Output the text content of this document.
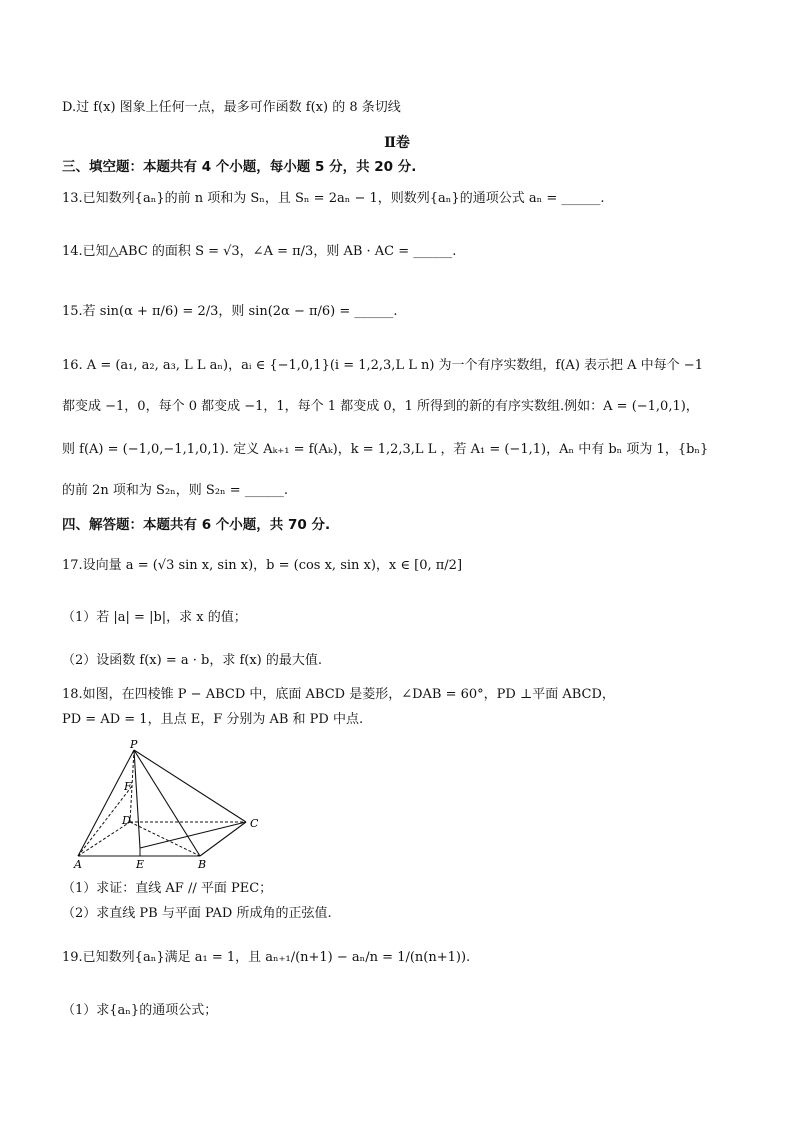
D.过 f(x) 图象上任何一点，最多可作函数 f(x) 的 8 条切线
Ⅱ卷
三、填空题：本题共有 4 个小题，每小题 5 分，共 20 分.
13.已知数列{aₙ}的前 n 项和为 Sₙ，且 Sₙ = 2aₙ − 1，则数列{aₙ}的通项公式 aₙ = ______.
14.已知△ABC 的面积 S = √3，∠A = π/3，则 AB · AC = ______.
15.若 sin(α + π/6) = 2/3，则 sin(2α − π/6) = ______.
16. A = (a₁, a₂, a₃, L L aₙ)，aᵢ ∈ {−1,0,1}(i = 1,2,3,L L n) 为一个有序实数组，f(A) 表示把 A 中每个 −1
都变成 −1，0，每个 0 都变成 −1，1，每个 1 都变成 0，1 所得到的新的有序实数组.例如：A = (−1,0,1)，
则 f(A) = (−1,0,−1,1,0,1). 定义 Aₖ₊₁ = f(Aₖ)，k = 1,2,3,L L ，若 A₁ = (−1,1)，Aₙ 中有 bₙ 项为 1，{bₙ}
的前 2n 项和为 S₂ₙ，则 S₂ₙ = ______.
四、解答题：本题共有 6 个小题，共 70 分.
17.设向量 a = (√3 sin x, sin x)，b = (cos x, sin x)，x ∈ [0, π/2]
（1）若 |a| = |b|，求 x 的值；
（2）设函数 f(x) = a · b，求 f(x) 的最大值.
18.如图，在四棱锥 P − ABCD 中，底面 ABCD 是菱形，∠DAB = 60°，PD ⊥平面 ABCD，
PD = AD = 1，且点 E，F 分别为 AB 和 PD 中点.
P
F
D	C
A	E	B
（1）求证：直线 AF // 平面 PEC；
（2）求直线 PB 与平面 PAD 所成角的正弦值.
19.已知数列{aₙ}满足 a₁ = 1，且 aₙ₊₁/(n+1) − aₙ/n = 1/(n(n+1)).
（1）求{aₙ}的通项公式；
